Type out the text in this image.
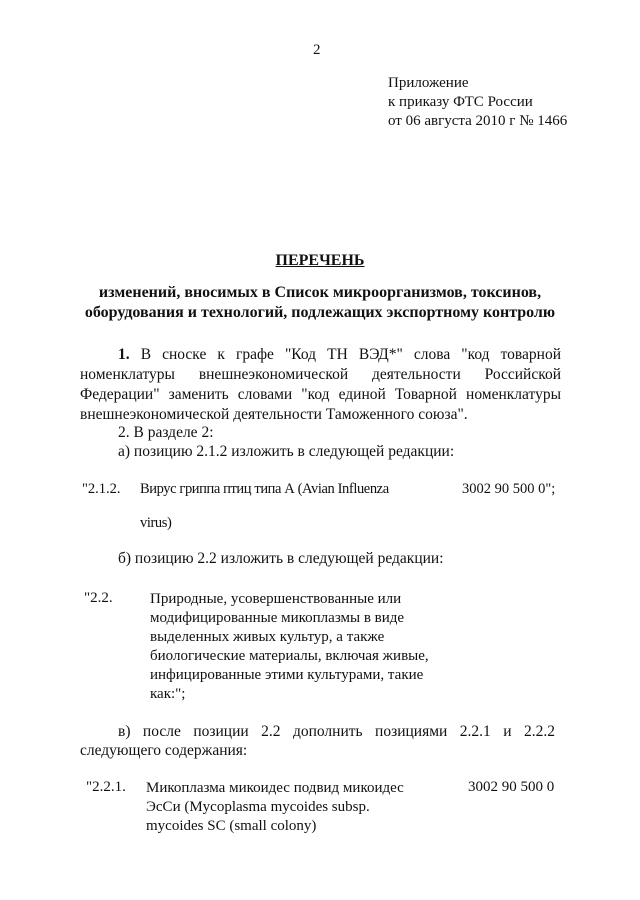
2
Приложение
к приказу ФТС России
от 06 августа 2010 г № 1466
ПЕРЕЧЕНЬ
изменений, вносимых в Список микроорганизмов, токсинов,
оборудования и технологий, подлежащих экспортному контролю
1. В сноске к графе "Код ТН ВЭД*" слова "код товарной
номенклатуры внешнеэкономической деятельности Российской
Федерации" заменить словами "код единой Товарной номенклатуры
внешнеэкономической деятельности Таможенного союза".
2. В разделе 2:
а) позицию 2.1.2 изложить в следующей редакции:
"2.1.2. Вирус гриппа птиц типа А (Avian Influenza	3002 90 500 0";
virus)
б) позицию 2.2 изложить в следующей редакции:
"2.2. Природные, усовершенствованные или
модифицированные микоплазмы в виде
выделенных живых культур, а также
биологические материалы, включая живые,
инфицированные этими культурами, такие
как:";
в) после позиции 2.2 дополнить позициями 2.2.1 и 2.2.2
следующего содержания:
"2.2.1. Микоплазма микоидес подвид микоидес
ЭсСи (Mycoplasma mycoides subsp.
mycoides SC (small colony)
3002 90 500 0
